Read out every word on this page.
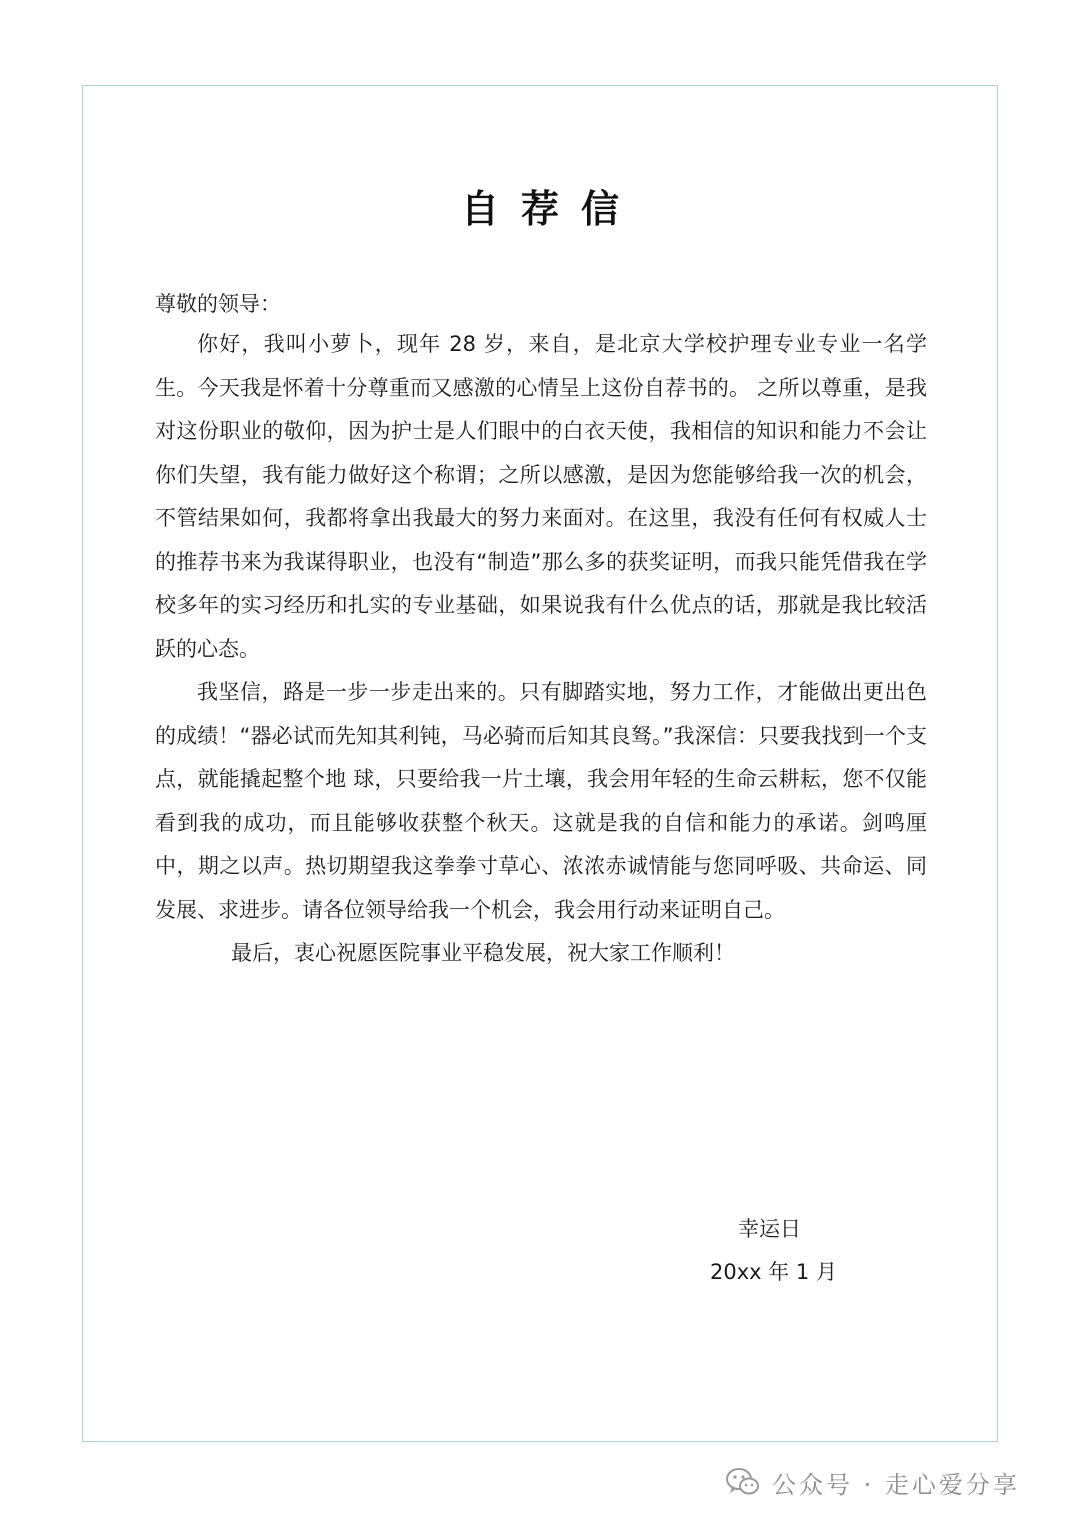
自荐信

尊敬的领导：

你好，我叫小萝卜，现年 28 岁，来自，是北京大学校护理专业专业一名学生。今天我是怀着十分尊重而又感激的心情呈上这份自荐书的。 之所以尊重，是我对这份职业的敬仰，因为护士是人们眼中的白衣天使，我相信的知识和能力不会让你们失望，我有能力做好这个称谓；之所以感激，是因为您能够给我一次的机会，不管结果如何，我都将拿出我最大的努力来面对。在这里，我没有任何有权威人士的推荐书来为我谋得职业，也没有“制造”那么多的获奖证明，而我只能凭借我在学校多年的实习经历和扎实的专业基础，如果说我有什么优点的话，那就是我比较活跃的心态。

我坚信，路是一步一步走出来的。只有脚踏实地，努力工作，才能做出更出色的成绩！“器必试而先知其利钝，马必骑而后知其良驽。”我深信：只要我找到一个支点，就能撬起整个地 球，只要给我一片土壤，我会用年轻的生命云耕耘，您不仅能看到我的成功，而且能够收获整个秋天。这就是我的自信和能力的承诺。剑鸣厘中，期之以声。热切期望我这拳拳寸草心、浓浓赤诚情能与您同呼吸、共命运、同发展、求进步。请各位领导给我一个机会，我会用行动来证明自己。

最后，衷心祝愿医院事业平稳发展，祝大家工作顺利！

幸运日
20xx 年 1 月
公众号 · 走心爱分享
